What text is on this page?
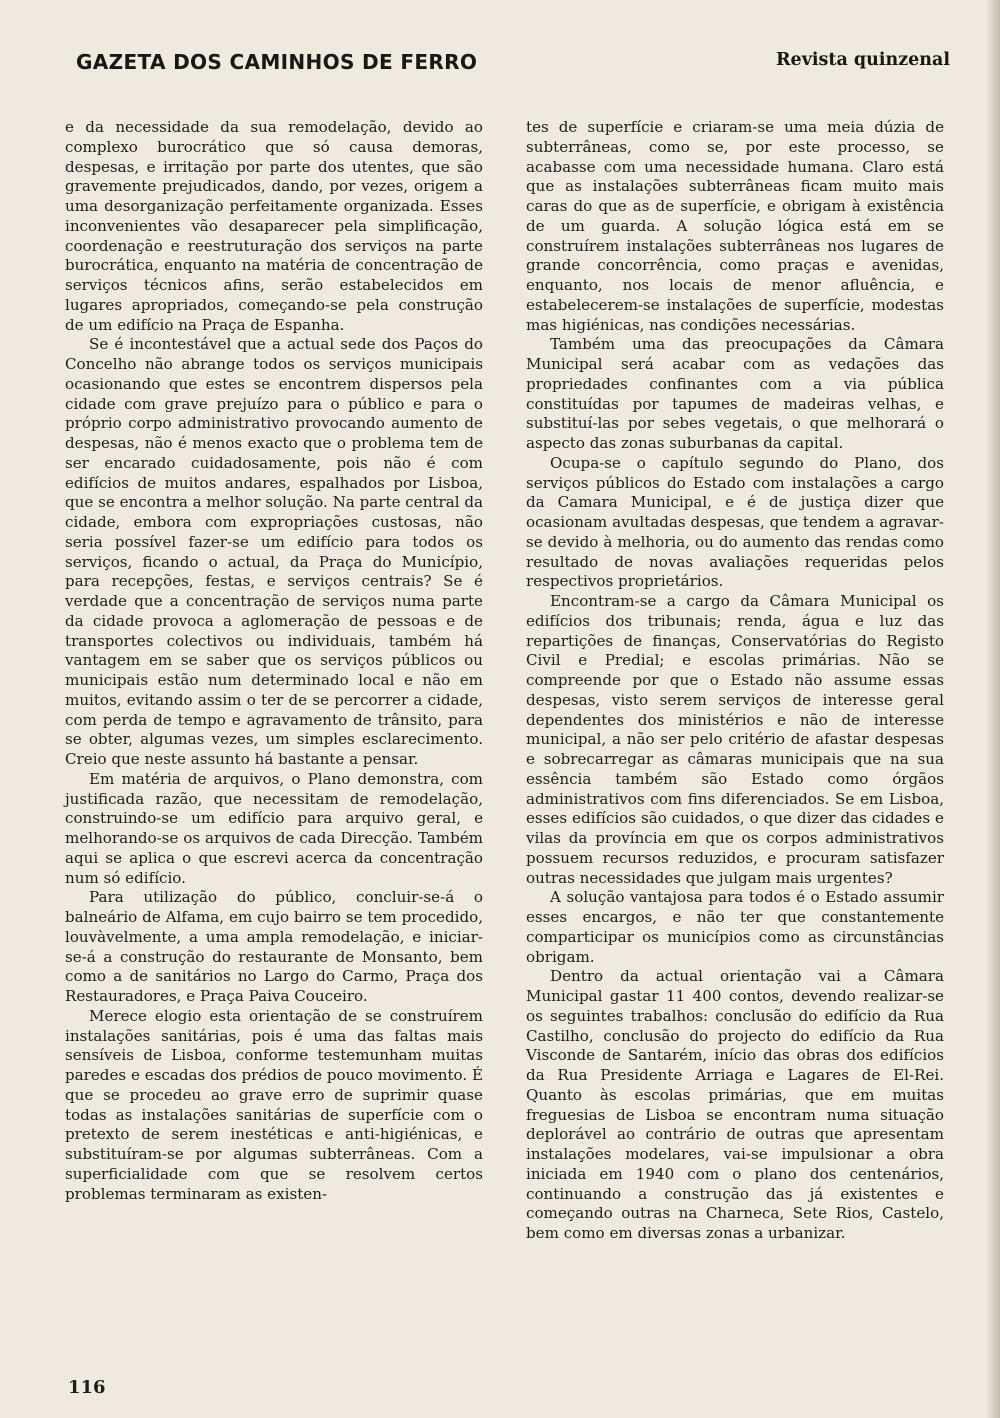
GAZETA DOS CAMINHOS DE FERRO	Revista quinzenal

e da necessidade da sua remodelação, devido ao complexo burocrático que só causa demoras, despesas, e irritação por parte dos utentes, que são gravemente prejudicados, dando, por vezes, origem a uma desorganização perfeitamente organizada. Esses inconvenientes vão desaparecer pela simplificação, coordenação e reestruturação dos serviços na parte burocrática, enquanto na matéria de concentração de serviços técnicos afins, serão estabelecidos em lugares apropriados, começando-se pela construção de um edifício na Praça de Espanha.

Se é incontestável que a actual sede dos Paços do Concelho não abrange todos os serviços municipais ocasionando que estes se encontrem dispersos pela cidade com grave prejuízo para o público e para o próprio corpo administrativo provocando aumento de despesas, não é menos exacto que o problema tem de ser encarado cuidadosamente, pois não é com edifícios de muitos andares, espalhados por Lisboa, que se encontra a melhor solução. Na parte central da cidade, embora com expropriações custosas, não seria possível fazer-se um edifício para todos os serviços, ficando o actual, da Praça do Município, para recepções, festas, e serviços centrais? Se é verdade que a concentração de serviços numa parte da cidade provoca a aglomeração de pessoas e de transportes colectivos ou individuais, também há vantagem em se saber que os serviços públicos ou municipais estão num determinado local e não em muitos, evitando assim o ter de se percorrer a cidade, com perda de tempo e agravamento de trânsito, para se obter, algumas vezes, um simples esclarecimento. Creio que neste assunto há bastante a pensar.

Em matéria de arquivos, o Plano demonstra, com justificada razão, que necessitam de remodelação, construindo-se um edifício para arquivo geral, e melhorando-se os arquivos de cada Direcção. Também aqui se aplica o que escrevi acerca da concentração num só edifício.

Para utilização do público, concluir-se-á o balneário de Alfama, em cujo bairro se tem procedido, louvàvelmente, a uma ampla remodelação, e iniciar-se-á a construção do restaurante de Monsanto, bem como a de sanitários no Largo do Carmo, Praça dos Restauradores, e Praça Paiva Couceiro.

Merece elogio esta orientação de se construírem instalações sanitárias, pois é uma das faltas mais sensíveis de Lisboa, conforme testemunham muitas paredes e escadas dos prédios de pouco movimento. É que se procedeu ao grave erro de suprimir quase todas as instalações sanitárias de superfície com o pretexto de serem inestéticas e anti-higiénicas, e substituíram-se por algumas subterrâneas. Com a superficialidade com que se resolvem certos problemas terminaram as existen-

tes de superfície e criaram-se uma meia dúzia de subterrâneas, como se, por este processo, se acabasse com uma necessidade humana. Claro está que as instalações subterrâneas ficam muito mais caras do que as de superfície, e obrigam à existência de um guarda. A solução lógica está em se construírem instalações subterrâneas nos lugares de grande concorrência, como praças e avenidas, enquanto, nos locais de menor afluência, e estabelecerem-se instalações de superfície, modestas mas higiénicas, nas condições necessárias.

Também uma das preocupações da Câmara Municipal será acabar com as vedações das propriedades confinantes com a via pública constituídas por tapumes de madeiras velhas, e substituí-las por sebes vegetais, o que melhorará o aspecto das zonas suburbanas da capital.

Ocupa-se o capítulo segundo do Plano, dos serviços públicos do Estado com instalações a cargo da Camara Municipal, e é de justiça dizer que ocasionam avultadas despesas, que tendem a agravar-se devido à melhoria, ou do aumento das rendas como resultado de novas avaliações requeridas pelos respectivos proprietários.

Encontram-se a cargo da Câmara Municipal os edifícios dos tribunais; renda, água e luz das repartições de finanças, Conservatórias do Registo Civil e Predial; e escolas primárias. Não se compreende por que o Estado não assume essas despesas, visto serem serviços de interesse geral dependentes dos ministérios e não de interesse municipal, a não ser pelo critério de afastar despesas e sobrecarregar as câmaras municipais que na sua essência também são Estado como órgãos administrativos com fins diferenciados. Se em Lisboa, esses edifícios são cuidados, o que dizer das cidades e vilas da província em que os corpos administrativos possuem recursos reduzidos, e procuram satisfazer outras necessidades que julgam mais urgentes?

A solução vantajosa para todos é o Estado assumir esses encargos, e não ter que constantemente comparticipar os municípios como as circunstâncias obrigam.

Dentro da actual orientação vai a Câmara Municipal gastar 11 400 contos, devendo realizar-se os seguintes trabalhos: conclusão do edifício da Rua Castilho, conclusão do projecto do edifício da Rua Visconde de Santarém, início das obras dos edifícios da Rua Presidente Arriaga e Lagares de El-Rei. Quanto às escolas primárias, que em muitas freguesias de Lisboa se encontram numa situação deplorável ao contrário de outras que apresentam instalações modelares, vai-se impulsionar a obra iniciada em 1940 com o plano dos centenários, continuando a construção das já existentes e começando outras na Charneca, Sete Rios, Castelo, bem como em diversas zonas a urbanizar.

116
